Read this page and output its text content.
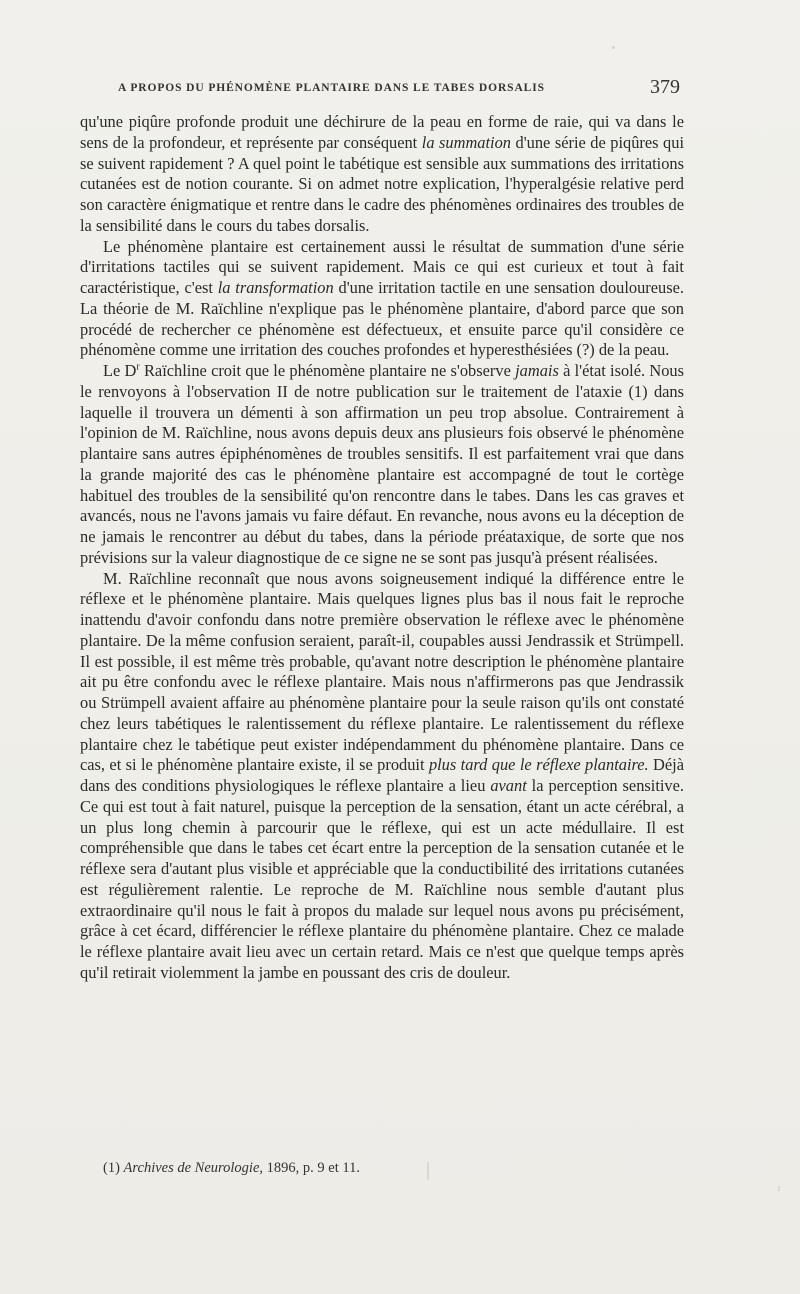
A PROPOS DU PHÉNOMÈNE PLANTAIRE DANS LE TABES DORSALIS	379

qu'une piqûre profonde produit une déchirure de la peau en forme de raie, qui va dans le sens de la profondeur, et représente par conséquent la summation d'une série de piqûres qui se suivent rapidement ? A quel point le tabétique est sensible aux summations des irritations cutanées est de notion courante. Si on admet notre explication, l'hyperalgésie relative perd son caractère énigmatique et rentre dans le cadre des phénomènes ordinaires des troubles de la sensibilité dans le cours du tabes dorsalis.

Le phénomène plantaire est certainement aussi le résultat de summation d'une série d'irritations tactiles qui se suivent rapidement. Mais ce qui est curieux et tout à fait caractéristique, c'est la transformation d'une irritation tactile en une sensation douloureuse. La théorie de M. Raïchline n'explique pas le phénomène plantaire, d'abord parce que son procédé de rechercher ce phénomène est défectueux, et ensuite parce qu'il considère ce phénomène comme une irritation des couches profondes et hyperesthésiées (?) de la peau.

Le $D^r$ Raïchline croit que le phénomène plantaire ne s'observe jamais à l'état isolé. Nous le renvoyons à l'observation II de notre publication sur le traitement de l'ataxie (1) dans laquelle il trouvera un démenti à son affirmation un peu trop absolue. Contrairement à l'opinion de M. Raïchline, nous avons depuis deux ans plusieurs fois observé le phénomène plantaire sans autres épiphénomènes de troubles sensitifs. Il est parfaitement vrai que dans la grande majorité des cas le phénomène plantaire est accompagné de tout le cortège habituel des troubles de la sensibilité qu'on rencontre dans le tabes. Dans les cas graves et avancés, nous ne l'avons jamais vu faire défaut. En revanche, nous avons eu la déception de ne jamais le rencontrer au début du tabes, dans la période préataxique, de sorte que nos prévisions sur la valeur diagnostique de ce signe ne se sont pas jusqu'à présent réalisées.

M. Raïchline reconnaît que nous avons soigneusement indiqué la différence entre le réflexe et le phénomène plantaire. Mais quelques lignes plus bas il nous fait le reproche inattendu d'avoir confondu dans notre première observation le réflexe avec le phénomène plantaire. De la même confusion seraient, paraît-il, coupables aussi Jendrassik et Strümpell. Il est possible, il est même très probable, qu'avant notre description le phénomène plantaire ait pu être confondu avec le réflexe plantaire. Mais nous n'affirmerons pas que Jendrassik ou Strümpell avaient affaire au phénomène plantaire pour la seule raison qu'ils ont constaté chez leurs tabétiques le ralentissement du réflexe plantaire. Le ralentissement du réflexe plantaire chez le tabétique peut exister indépendamment du phénomène plantaire. Dans ce cas, et si le phénomène plantaire existe, il se produit plus tard que le réflexe plantaire. Déjà dans des conditions physiologiques le réflexe plantaire a lieu avant la perception sensitive. Ce qui est tout à fait naturel, puisque la perception de la sensation, étant un acte cérébral, a un plus long chemin à parcourir que le réflexe, qui est un acte médullaire. Il est compréhensible que dans le tabes cet écart entre la perception de la sensation cutanée et le réflexe sera d'autant plus visible et appréciable que la conductibilité des irritations cutanées est régulièrement ralentie. Le reproche de M. Raïchline nous semble d'autant plus extraordinaire qu'il nous le fait à propos du malade sur lequel nous avons pu précisément, grâce à cet écard, différencier le réflexe plantaire du phénomène plantaire. Chez ce malade le réflexe plantaire avait lieu avec un certain retard. Mais ce n'est que quelque temps après qu'il retirait violemment la jambe en poussant des cris de douleur.

(1) Archives de Neurologie, 1896, p. 9 et 11.
